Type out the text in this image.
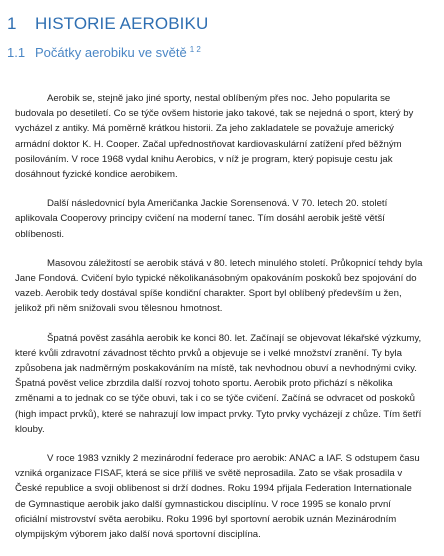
1 HISTORIE AEROBIKU
1.1 Počátky aerobiku ve světě $^{1 2}$

Aerobik se, stejně jako jiné sporty, nestal oblíbeným přes noc. Jeho popularita se budovala po desetiletí. Co se týče ovšem historie jako takové, tak se nejedná o sport, který by vycházel z antiky. Má poměrně krátkou historii. Za jeho zakladatele se považuje americký armádní doktor K. H. Cooper. Začal upřednostňovat kardiovaskulární zatížení před běžným posilováním. V roce 1968 vydal knihu Aerobics, v níž je program, který popisuje cestu jak dosáhnout fyzické kondice aerobikem.

Další následovnicí byla Američanka Jackie Sorensenová. V 70. letech 20. století aplikovala Cooperovy principy cvičení na moderní tanec. Tím dosáhl aerobik ještě větší oblíbenosti.

Masovou záležitostí se aerobik stává v 80. letech minulého století. Průkopnicí tehdy byla Jane Fondová. Cvičení bylo typické několikanásobným opakováním poskoků bez spojování do vazeb. Aerobik tedy dostával spíše kondiční charakter. Sport byl oblíbený především u žen, jelikož při něm snižovali svou tělesnou hmotnost.

Špatná pověst zasáhla aerobik ke konci 80. let. Začínají se objevovat lékařské výzkumy, které kvůli zdravotní závadnost těchto prvků a objevuje se i velké množství zranění. Ty byla způsobena jak nadměrným poskakováním na místě, tak nevhodnou obuví a nevhodnými cviky. Špatná pověst velice zbrzdila další rozvoj tohoto sportu. Aerobik proto přichází s několika změnami a to jednak co se týče obuvi, tak i co se týče cvičení. Začíná se odvracet od poskoků (high impact prvků), které se nahrazují low impact prvky. Tyto prvky vycházejí z chůze. Tím šetří klouby.

V roce 1983 vznikly 2 mezinárodní federace pro aerobik: ANAC a IAF. S odstupem času vzniká organizace FISAF, která se sice příliš ve světě neprosadila. Zato se však prosadila v České republice a svoji oblibenost si drží dodnes. Roku 1994 přijala Federation Internationale de Gymnastique aerobik jako další gymnastickou disciplínu. V roce 1995 se konalo první oficiální mistrovství světa aerobiku. Roku 1996 byl sportovní aerobik uznán Mezinárodním olympijským výborem jako další nová sportovní disciplína.
